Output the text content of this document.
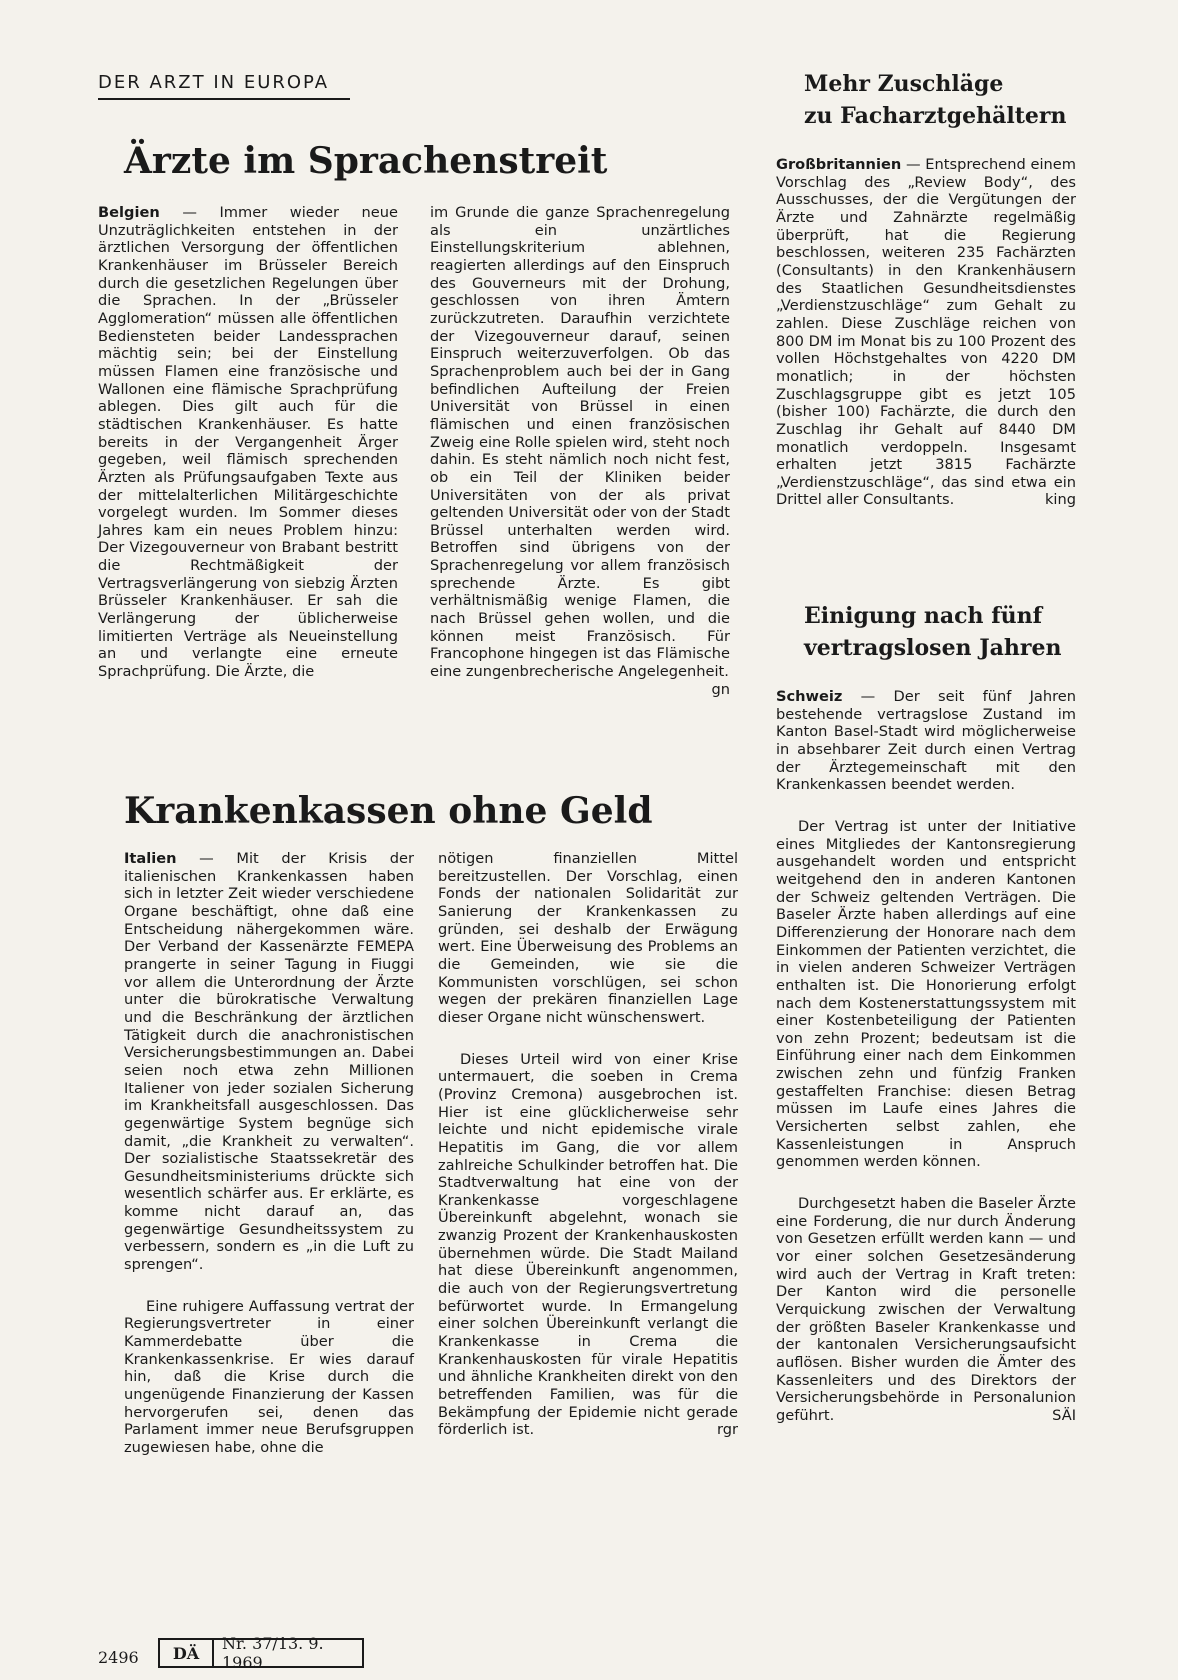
DER ARZT IN EUROPA
Ärzte im Sprachenstreit

Belgien — Immer wieder neue Unzuträglichkeiten entstehen in der ärztlichen Versorgung der öffentlichen Krankenhäuser im Brüsseler Bereich durch die gesetzlichen Regelungen über die Sprachen. In der „Brüsseler Agglomeration“ müssen alle öffentlichen Bediensteten beider Landessprachen mächtig sein; bei der Einstellung müssen Flamen eine französische und Wallonen eine flämische Sprachprüfung ablegen. Dies gilt auch für die städtischen Krankenhäuser. Es hatte bereits in der Vergangenheit Ärger gegeben, weil flämisch sprechenden Ärzten als Prüfungsaufgaben Texte aus der mittelalterlichen Militärgeschichte vorgelegt wurden. Im Sommer dieses Jahres kam ein neues Problem hinzu: Der Vizegouverneur von Brabant bestritt die Rechtmäßigkeit der Vertragsverlängerung von siebzig Ärzten Brüsseler Krankenhäuser. Er sah die Verlängerung der üblicherweise limitierten Verträge als Neueinstellung an und verlangte eine erneute Sprachprüfung. Die Ärzte, die

im Grunde die ganze Sprachenregelung als ein unzärtliches Einstellungskriterium ablehnen, reagierten allerdings auf den Einspruch des Gouverneurs mit der Drohung, geschlossen von ihren Ämtern zurückzutreten. Daraufhin verzichtete der Vizegouverneur darauf, seinen Einspruch weiterzuverfolgen. Ob das Sprachenproblem auch bei der in Gang befindlichen Aufteilung der Freien Universität von Brüssel in einen flämischen und einen französischen Zweig eine Rolle spielen wird, steht noch dahin. Es steht nämlich noch nicht fest, ob ein Teil der Kliniken beider Universitäten von der als privat geltenden Universität oder von der Stadt Brüssel unterhalten werden wird. Betroffen sind übrigens von der Sprachenregelung vor allem französisch sprechende Ärzte. Es gibt verhältnismäßig wenige Flamen, die nach Brüssel gehen wollen, und die können meist Französisch. Für Francophone hingegen ist das Flämische eine zungenbrecherische Angelegenheit.
gn

Krankenkassen ohne Geld

Italien — Mit der Krisis der italienischen Krankenkassen haben sich in letzter Zeit wieder verschiedene Organe beschäftigt, ohne daß eine Entscheidung nähergekommen wäre. Der Verband der Kassenärzte FEMEPA prangerte in seiner Tagung in Fiuggi vor allem die Unterordnung der Ärzte unter die bürokratische Verwaltung und die Beschränkung der ärztlichen Tätigkeit durch die anachronistischen Versicherungsbestimmungen an. Dabei seien noch etwa zehn Millionen Italiener von jeder sozialen Sicherung im Krankheitsfall ausgeschlossen. Das gegenwärtige System begnüge sich damit, „die Krankheit zu verwalten“. Der sozialistische Staatssekretär des Gesundheitsministeriums drückte sich wesentlich schärfer aus. Er erklärte, es komme nicht darauf an, das gegenwärtige Gesundheitssystem zu verbessern, sondern es „in die Luft zu sprengen“.

Eine ruhigere Auffassung vertrat der Regierungsvertreter in einer Kammerdebatte über die Krankenkassenkrise. Er wies darauf hin, daß die Krise durch die ungenügende Finanzierung der Kassen hervorgerufen sei, denen das Parlament immer neue Berufsgruppen zugewiesen habe, ohne die

nötigen finanziellen Mittel bereitzustellen. Der Vorschlag, einen Fonds der nationalen Solidarität zur Sanierung der Krankenkassen zu gründen, sei deshalb der Erwägung wert. Eine Überweisung des Problems an die Gemeinden, wie sie die Kommunisten vorschlügen, sei schon wegen der prekären finanziellen Lage dieser Organe nicht wünschenswert.

Dieses Urteil wird von einer Krise untermauert, die soeben in Crema (Provinz Cremona) ausgebrochen ist. Hier ist eine glücklicherweise sehr leichte und nicht epidemische virale Hepatitis im Gang, die vor allem zahlreiche Schulkinder betroffen hat. Die Stadtverwaltung hat eine von der Krankenkasse vorgeschlagene Übereinkunft abgelehnt, wonach sie zwanzig Prozent der Krankenhauskosten übernehmen würde. Die Stadt Mailand hat diese Übereinkunft angenommen, die auch von der Regierungsvertretung befürwortet wurde. In Ermangelung einer solchen Übereinkunft verlangt die Krankenkasse in Crema die Krankenhauskosten für virale Hepatitis und ähnliche Krankheiten direkt von den betreffenden Familien, was für die Bekämpfung der Epidemie nicht gerade förderlich ist.	rgr

Mehr Zuschläge
zu Facharztgehältern

Großbritannien — Entsprechend einem Vorschlag des „Review Body“, des Ausschusses, der die Vergütungen der Ärzte und Zahnärzte regelmäßig überprüft, hat die Regierung beschlossen, weiteren 235 Fachärzten (Consultants) in den Krankenhäusern des Staatlichen Gesundheitsdienstes „Verdienstzuschläge“ zum Gehalt zu zahlen. Diese Zuschläge reichen von 800 DM im Monat bis zu 100 Prozent des vollen Höchstgehaltes von 4220 DM monatlich; in der höchsten Zuschlagsgruppe gibt es jetzt 105 (bisher 100) Fachärzte, die durch den Zuschlag ihr Gehalt auf 8440 DM monatlich verdoppeln. Insgesamt erhalten jetzt 3815 Fachärzte „Verdienstzuschläge“, das sind etwa ein Drittel aller Consultants.	king

Einigung nach fünf
vertragslosen Jahren

Schweiz — Der seit fünf Jahren bestehende vertragslose Zustand im Kanton Basel-Stadt wird möglicherweise in absehbarer Zeit durch einen Vertrag der Ärztegemeinschaft mit den Krankenkassen beendet werden.

Der Vertrag ist unter der Initiative eines Mitgliedes der Kantonsregierung ausgehandelt worden und entspricht weitgehend den in anderen Kantonen der Schweiz geltenden Verträgen. Die Baseler Ärzte haben allerdings auf eine Differenzierung der Honorare nach dem Einkommen der Patienten verzichtet, die in vielen anderen Schweizer Verträgen enthalten ist. Die Honorierung erfolgt nach dem Kostenerstattungssystem mit einer Kostenbeteiligung der Patienten von zehn Prozent; bedeutsam ist die Einführung einer nach dem Einkommen zwischen zehn und fünfzig Franken gestaffelten Franchise: diesen Betrag müssen im Laufe eines Jahres die Versicherten selbst zahlen, ehe Kassenleistungen in Anspruch genommen werden können.

Durchgesetzt haben die Baseler Ärzte eine Forderung, die nur durch Änderung von Gesetzen erfüllt werden kann — und vor einer solchen Gesetzesänderung wird auch der Vertrag in Kraft treten: Der Kanton wird die personelle Verquickung zwischen der Verwaltung der größten Baseler Krankenkasse und der kantonalen Versicherungsaufsicht auflösen. Bisher wurden die Ämter des Kassenleiters und des Direktors der Versicherungsbehörde in Personalunion geführt.	SÄI

2496	DÄ	Nr. 37/13. 9. 1969
